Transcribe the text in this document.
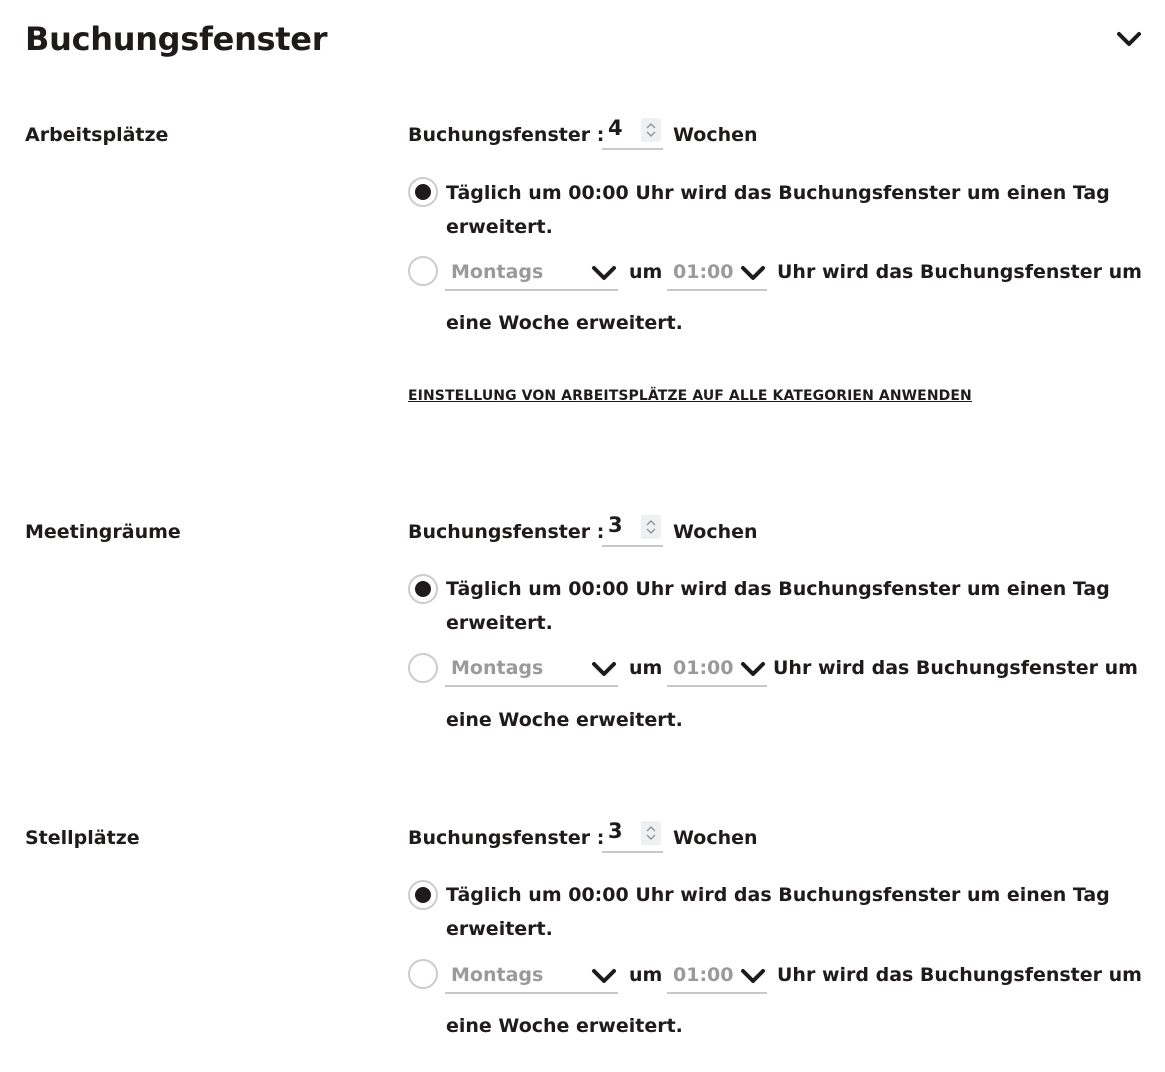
Buchungsfenster
Arbeitsplätze	Buchungsfenster : 4	Wochen
Täglich um 00:00 Uhr wird das Buchungsfenster um einen Tag
erweitert.
Montags	um 01:00 Uhr wird das Buchungsfenster um
eine Woche erweitert.
EINSTELLUNG VON ARBEITSPLÄTZE AUF ALLE KATEGORIEN ANWENDEN
Meetingräume	Buchungsfenster : 3	Wochen
Täglich um 00:00 Uhr wird das Buchungsfenster um einen Tag
erweitert.
Montags	um 01:00 Uhr wird das Buchungsfenster um
eine Woche erweitert.
Stellplätze	Buchungsfenster : 3	Wochen
Täglich um 00:00 Uhr wird das Buchungsfenster um einen Tag
erweitert.
Montags	um 01:00 Uhr wird das Buchungsfenster um
eine Woche erweitert.
